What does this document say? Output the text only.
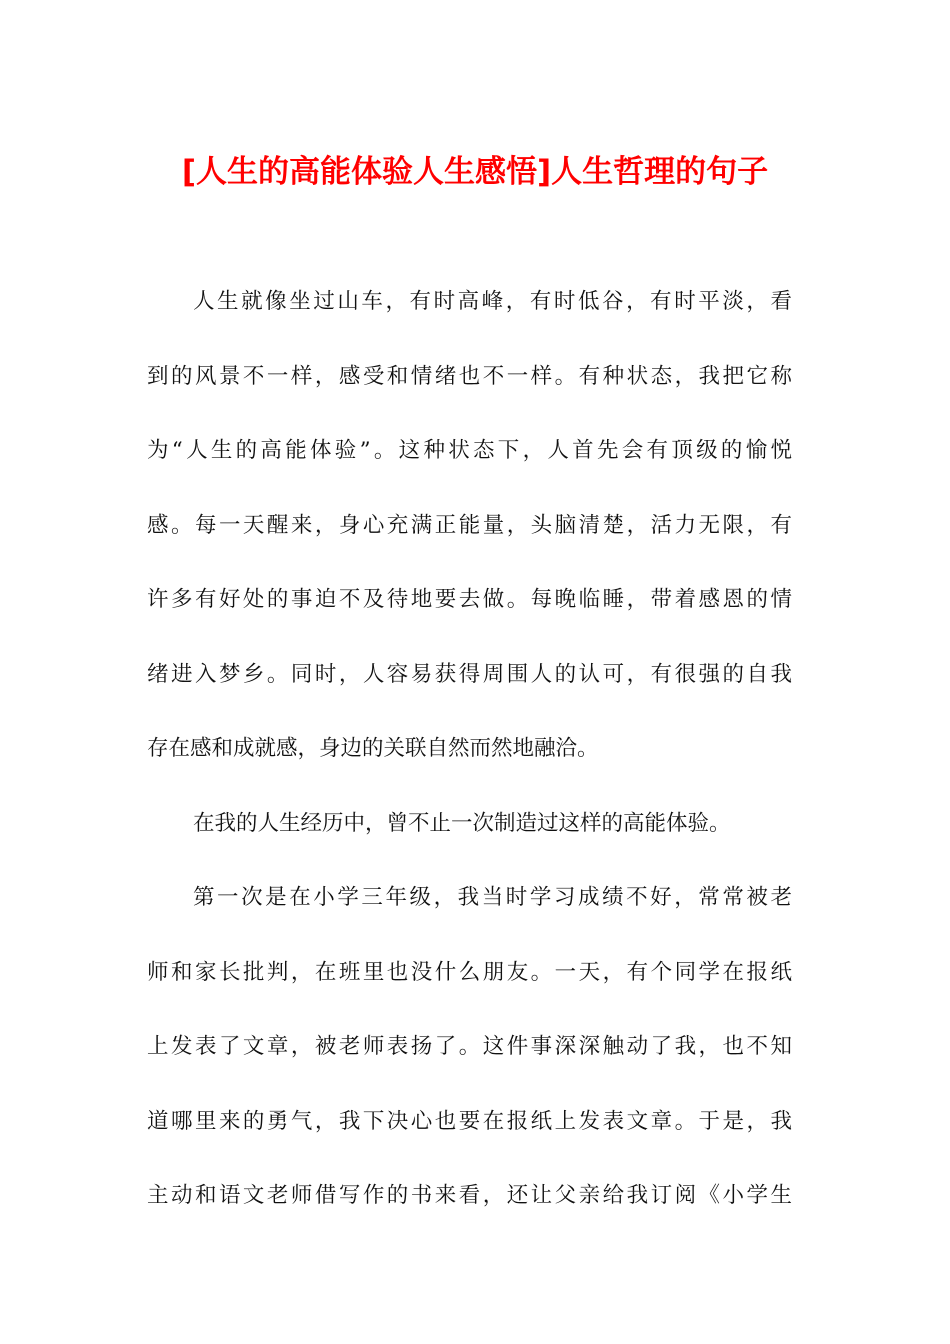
[人生的高能体验人生感悟]人生哲理的句子
人生就像坐过山车，有时高峰，有时低谷，有时平淡，看
到的风景不一样，感受和情绪也不一样。有种状态，我把它称
为“人生的高能体验”。这种状态下，人首先会有顶级的愉悦
感。每一天醒来，身心充满正能量，头脑清楚，活力无限，有
许多有好处的事迫不及待地要去做。每晚临睡，带着感恩的情
绪进入梦乡。同时，人容易获得周围人的认可，有很强的自我
存在感和成就感，身边的关联自然而然地融洽。
在我的人生经历中，曾不止一次制造过这样的高能体验。
第一次是在小学三年级，我当时学习成绩不好，常常被老
师和家长批判，在班里也没什么朋友。一天，有个同学在报纸
上发表了文章，被老师表扬了。这件事深深触动了我，也不知
道哪里来的勇气，我下决心也要在报纸上发表文章。于是，我
主动和语文老师借写作的书来看，还让父亲给我订阅《小学生
